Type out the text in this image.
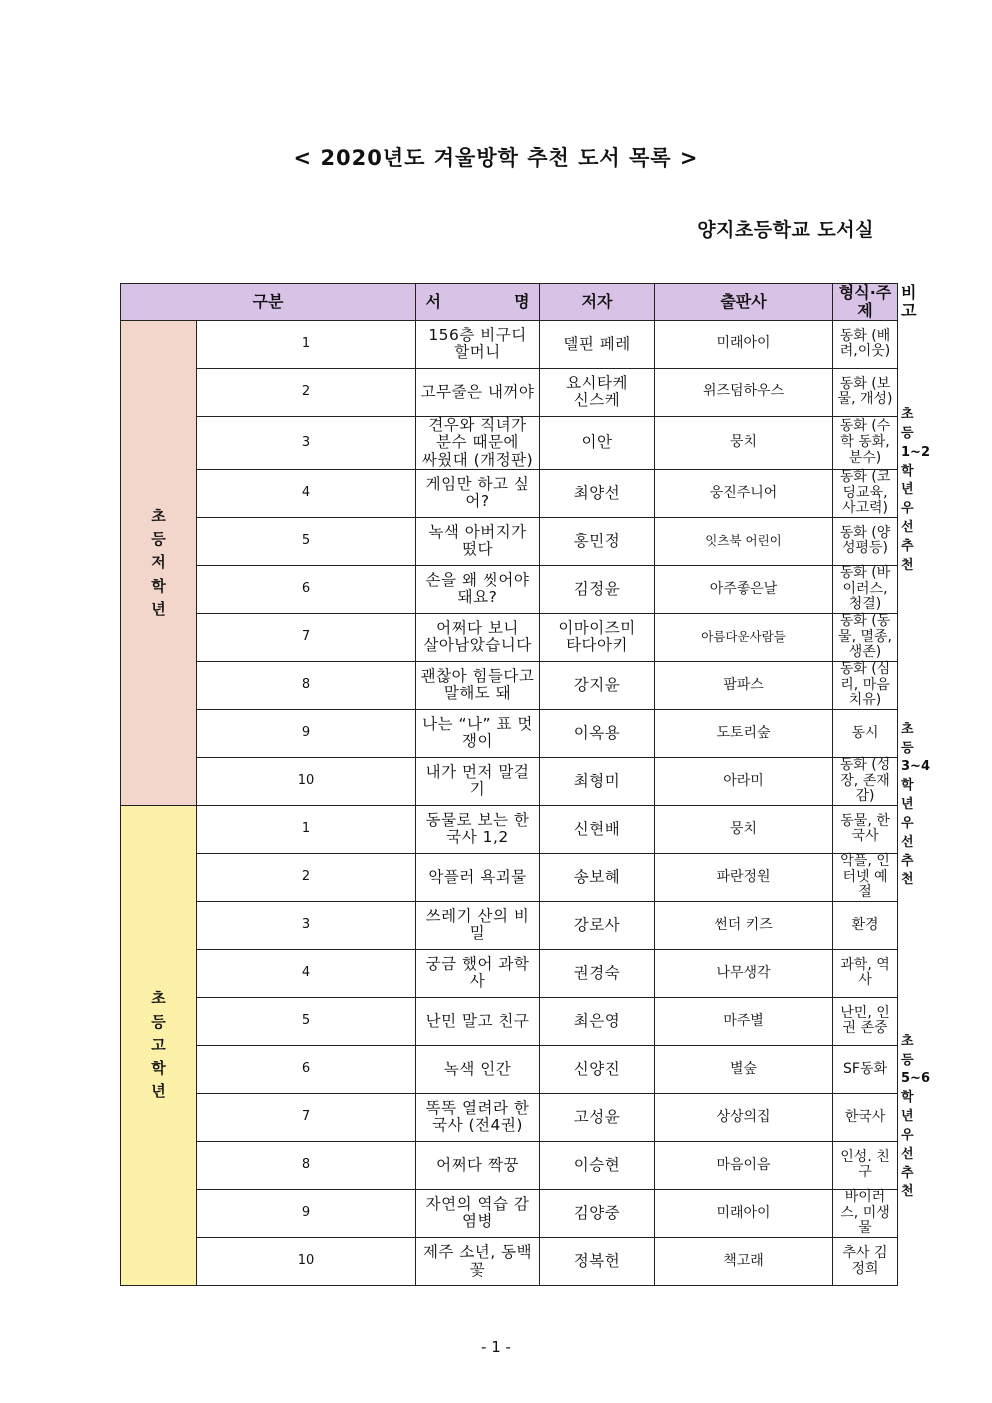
< 2020년도 겨울방학 추천 도서 목록 >
양지초등학교 도서실
구분		서 명	저자	출판사	형식·주제	비고

초
등
저
학
년	1	156층 비구디 할머니	델핀 페레	미래아이	동화 (배려,이웃)	초등
1~2학년
우선
추천

	2	고무줄은 내꺼야	요시타케
신스케	위즈덤하우스	동화 (보물, 개성)	
	3	견우와 직녀가 분수 때문에
싸웠대 (개정판)	이안	뭉치	동화 (수학 동화, 분수)	
	4	게임만 하고 싶어?	최양선	웅진주니어	동화 (코딩교육, 사고력)	
	5	녹색 아버지가 떴다	홍민정	잇츠북 어린이	동화 (양성평등)	
	6	손을 왜 씻어야 돼요?	김정윤	아주좋은날	동화 (바이러스,청결)	
	7	어쩌다 보니
살아남았습니다	이마이즈미
타다아키	아름다운사람들	동화 (동물, 멸종, 생존)	
	8	괜찮아 힘들다고 말해도 돼	강지윤	팜파스	동화 (심리, 마음 치유)	초등
3~4학년
우선
추천

	9	나는 “나” 표 멋쟁이	이옥용	도토리숲	동시	
	10	내가 먼저 말걸기	최형미	아라미	동화 (성장, 존재감)	

초
등
고
학
년	1	동물로 보는 한국사 1,2	신현배	뭉치	동물, 한국사	
	2	악플러 욕괴물	송보혜	파란정원	악플, 인터넷 예절	
	3	쓰레기 산의 비밀	강로사	썬더 키즈	환경	
	4	궁금 했어 과학사	권경숙	나무생각	과학, 역사	초등
5~6학년
우선
추천

	5	난민 말고 친구	최은영	마주별	난민, 인권 존중	
	6	녹색 인간	신양진	별숲	SF동화	
	7	똑똑 열려라 한국사 (전4권)	고성윤	상상의집	한국사	
	8	어쩌다 짝꿍	이승현	마음이음	인성. 친구	
	9	자연의 역습 감염병	김양중	미래아이	바이러스, 미생물	
	10	제주 소년, 동백꽃	정복헌	책고래	추사 김정희	
- 1 -
